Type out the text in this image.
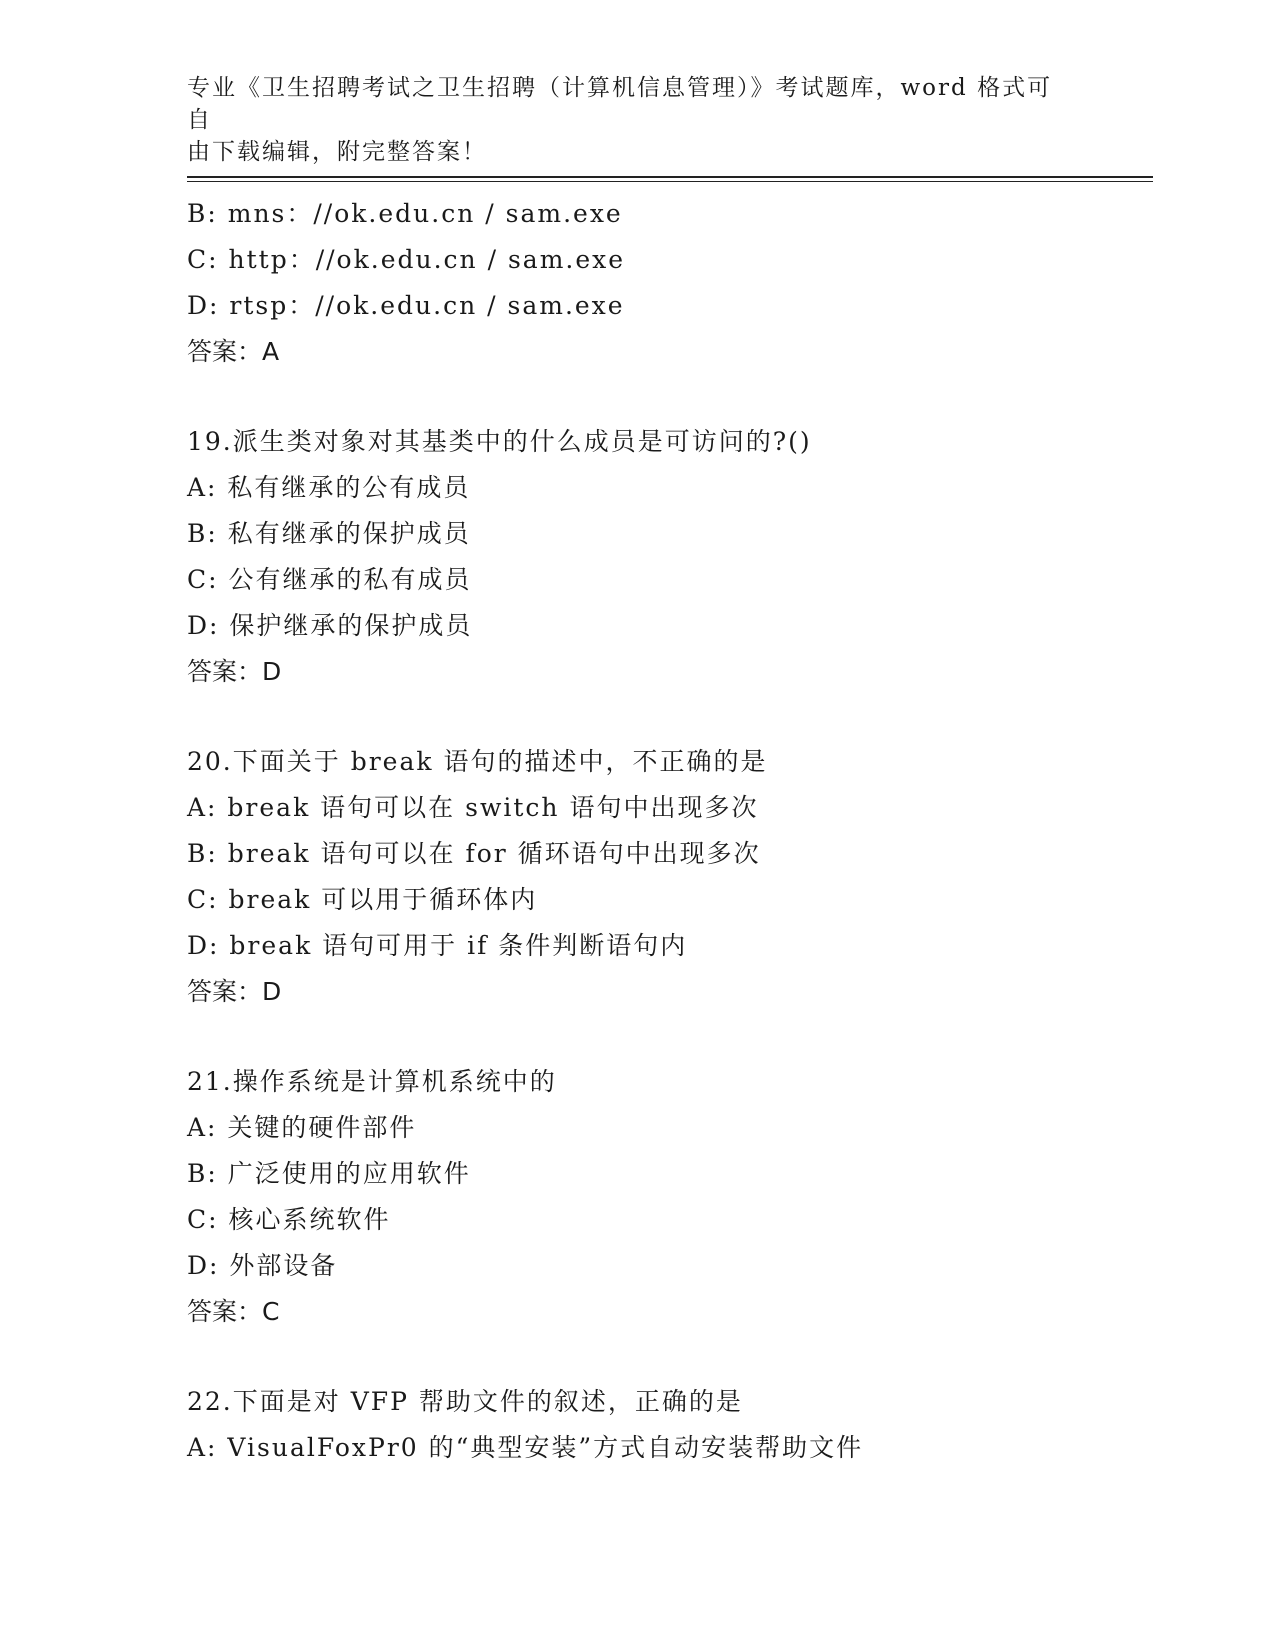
专业《卫生招聘考试之卫生招聘（计算机信息管理）》考试题库，word 格式可自
由下载编辑，附完整答案！
B: mns：//ok.edu.cn / sam.exe
C: http：//ok.edu.cn / sam.exe
D: rtsp：//ok.edu.cn / sam.exe
答案：A
19.派生类对象对其基类中的什么成员是可访问的?()
A: 私有继承的公有成员
B: 私有继承的保护成员
C: 公有继承的私有成员
D: 保护继承的保护成员
答案：D
20.下面关于 break 语句的描述中，不正确的是
A: break 语句可以在 switch 语句中出现多次
B: break 语句可以在 for 循环语句中出现多次
C: break 可以用于循环体内
D: break 语句可用于 if 条件判断语句内
答案：D
21.操作系统是计算机系统中的
A: 关键的硬件部件
B: 广泛使用的应用软件
C: 核心系统软件
D: 外部设备
答案：C
22.下面是对 VFP 帮助文件的叙述，正确的是
A: VisualFoxPr0 的“典型安装”方式自动安装帮助文件
